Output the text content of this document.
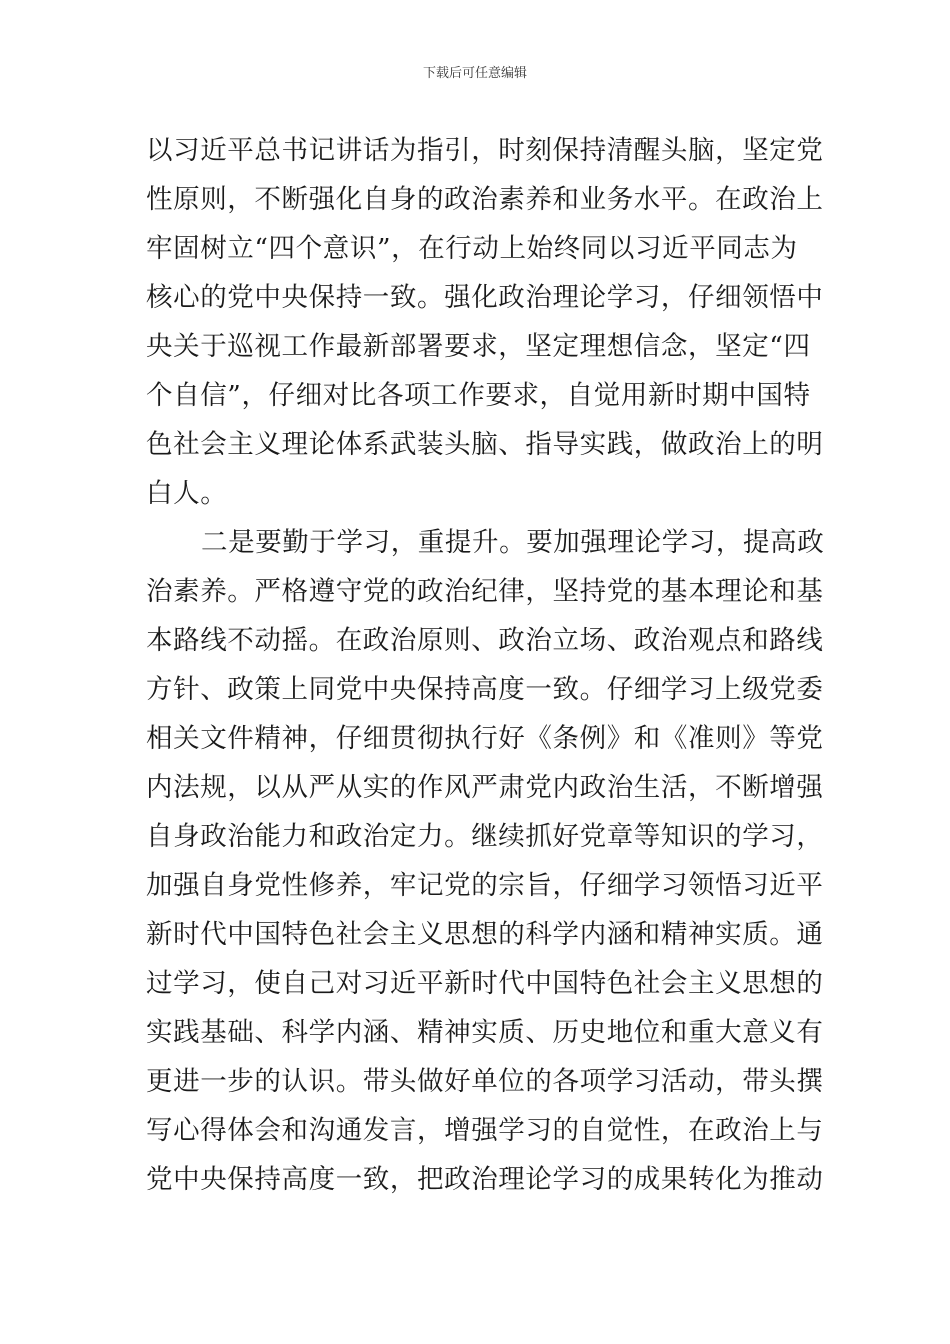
下载后可任意编辑
以习近平总书记讲话为指引，时刻保持清醒头脑，坚定党
性原则，不断强化自身的政治素养和业务水平。在政治上
牢固树立“四个意识”，在行动上始终同以习近平同志为
核心的党中央保持一致。强化政治理论学习，仔细领悟中
央关于巡视工作最新部署要求，坚定理想信念，坚定“四
个自信”，仔细对比各项工作要求，自觉用新时期中国特
色社会主义理论体系武装头脑、指导实践，做政治上的明
白人。
二是要勤于学习，重提升。要加强理论学习，提高政
治素养。严格遵守党的政治纪律，坚持党的基本理论和基
本路线不动摇。在政治原则、政治立场、政治观点和路线
方针、政策上同党中央保持高度一致。仔细学习上级党委
相关文件精神，仔细贯彻执行好《条例》和《准则》等党
内法规，以从严从实的作风严肃党内政治生活，不断增强
自身政治能力和政治定力。继续抓好党章等知识的学习，
加强自身党性修养，牢记党的宗旨，仔细学习领悟习近平
新时代中国特色社会主义思想的科学内涵和精神实质。通
过学习，使自己对习近平新时代中国特色社会主义思想的
实践基础、科学内涵、精神实质、历史地位和重大意义有
更进一步的认识。带头做好单位的各项学习活动，带头撰
写心得体会和沟通发言，增强学习的自觉性，在政治上与
党中央保持高度一致，把政治理论学习的成果转化为推动
